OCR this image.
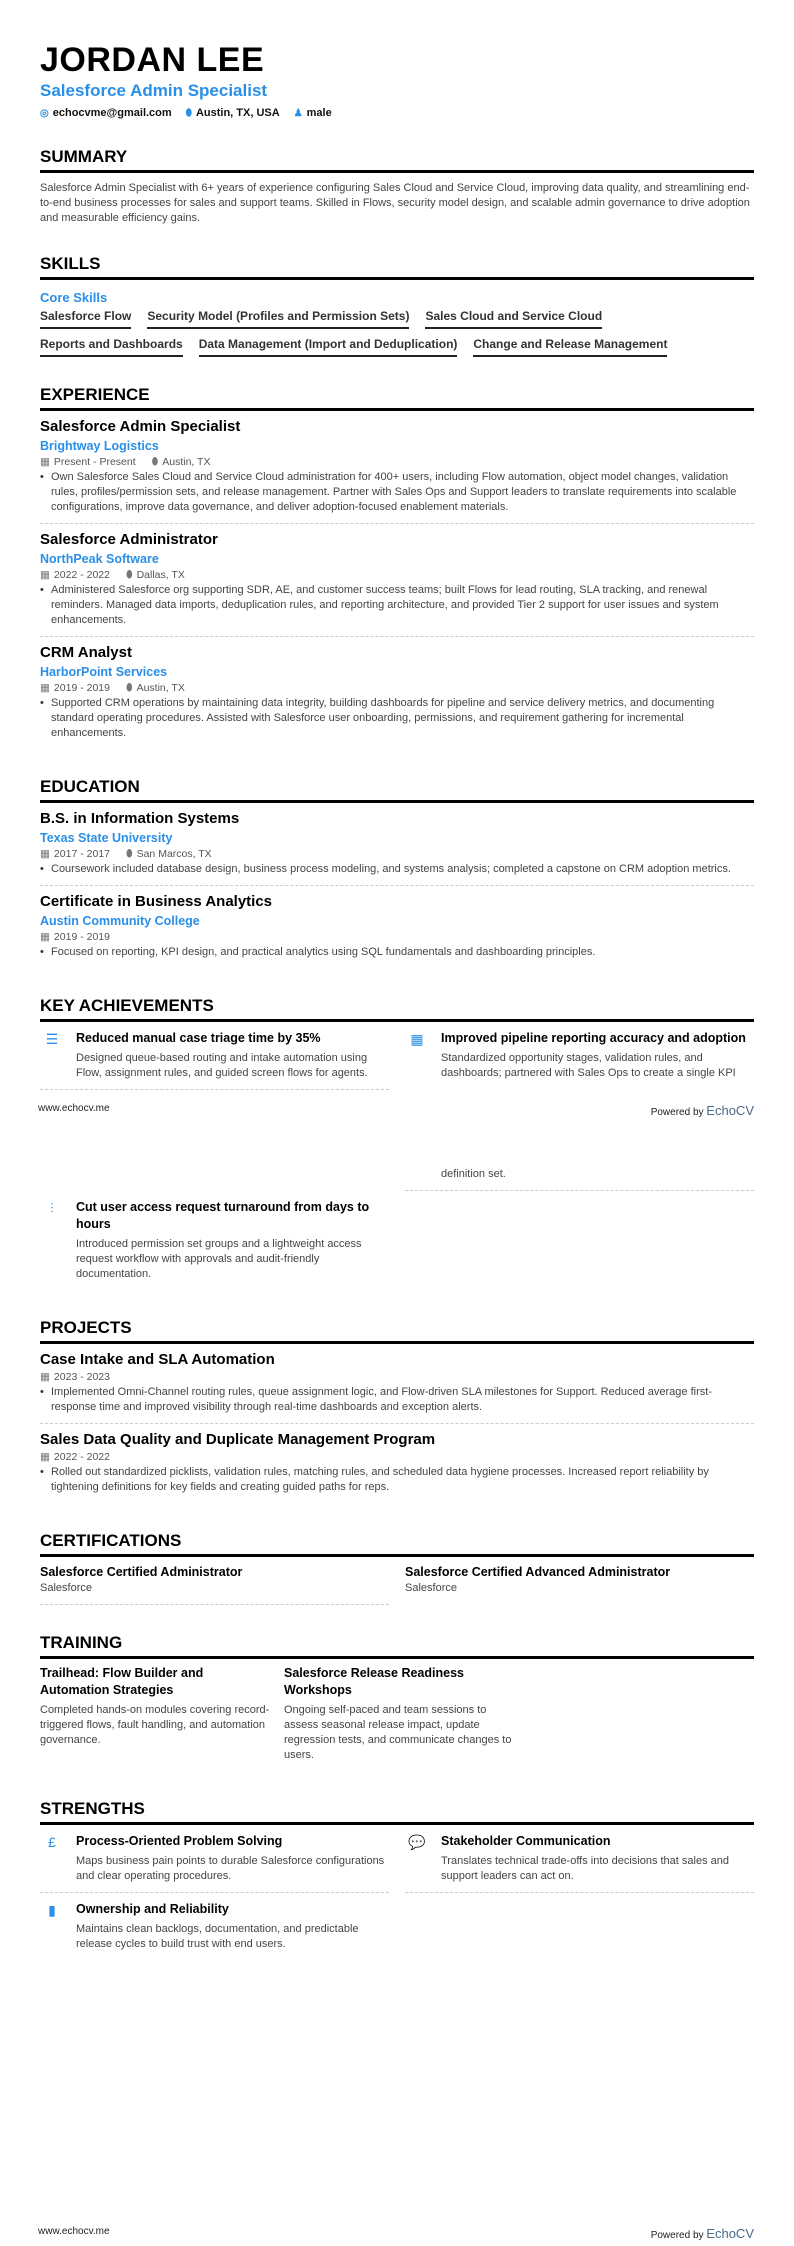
JORDAN LEE
Salesforce Admin Specialist
◎ echocvme@gmail.com ⬮ Austin, TX, USA ♟ male
SUMMARY

Salesforce Admin Specialist with 6+ years of experience configuring Sales Cloud and Service Cloud, improving data quality, and streamlining end-to-end business processes for sales and support teams. Skilled in Flows, security model design, and scalable admin governance to drive adoption and measurable efficiency gains.

SKILLS
Core Skills
Salesforce Flow Security Model (Profiles and Permission Sets) Sales Cloud and Service Cloud
Reports and Dashboards Data Management (Import and Deduplication) Change and Release Management
EXPERIENCE
Salesforce Admin Specialist
Brightway Logistics
▦ Present - Present ⬮ Austin, TX
• Own Salesforce Sales Cloud and Service Cloud administration for 400+ users, including Flow automation, object model changes, validation rules, profiles/permission sets, and release management. Partner with Sales Ops and Support leaders to translate requirements into scalable configurations, improve data governance, and deliver adoption-focused enablement materials.
Salesforce Administrator
NorthPeak Software
▦ 2022 - 2022 ⬮ Dallas, TX
• Administered Salesforce org supporting SDR, AE, and customer success teams; built Flows for lead routing, SLA tracking, and renewal reminders. Managed data imports, deduplication rules, and reporting architecture, and provided Tier 2 support for user issues and system enhancements.
CRM Analyst
HarborPoint Services
▦ 2019 - 2019 ⬮ Austin, TX
• Supported CRM operations by maintaining data integrity, building dashboards for pipeline and service delivery metrics, and documenting standard operating procedures. Assisted with Salesforce user onboarding, permissions, and requirement gathering for incremental enhancements.
EDUCATION
B.S. in Information Systems
Texas State University
▦ 2017 - 2017 ⬮ San Marcos, TX
• Coursework included database design, business process modeling, and systems analysis; completed a capstone on CRM adoption metrics.
Certificate in Business Analytics
Austin Community College
▦ 2019 - 2019
• Focused on reporting, KPI design, and practical analytics using SQL fundamentals and dashboarding principles.
KEY ACHIEVEMENTS
☰	Reduced manual case triage time by 35%
Designed queue-based routing and intake automation using Flow, assignment rules, and guided screen flows for agents.
▦	Improved pipeline reporting accuracy and adoption
Standardized opportunity stages, validation rules, and dashboards; partnered with Sales Ops to create a single KPI
definition set.
⫶	Cut user access request turnaround from days to hours
Introduced permission set groups and a lightweight access request workflow with approvals and audit-friendly documentation.
PROJECTS
Case Intake and SLA Automation
▦ 2023 - 2023
• Implemented Omni-Channel routing rules, queue assignment logic, and Flow-driven SLA milestones for Support. Reduced average first-response time and improved visibility through real-time dashboards and exception alerts.
Sales Data Quality and Duplicate Management Program
▦ 2022 - 2022
• Rolled out standardized picklists, validation rules, matching rules, and scheduled data hygiene processes. Increased report reliability by tightening definitions for key fields and creating guided paths for reps.
CERTIFICATIONS
Salesforce Certified Administrator
Salesforce
Salesforce Certified Advanced Administrator
Salesforce
TRAINING
Trailhead: Flow Builder and Automation Strategies
Completed hands-on modules covering record-triggered flows, fault handling, and automation governance.
Salesforce Release Readiness Workshops
Ongoing self-paced and team sessions to assess seasonal release impact, update regression tests, and communicate changes to users.
STRENGTHS
£	Process-Oriented Problem Solving
Maps business pain points to durable Salesforce configurations and clear operating procedures.
💬 Stakeholder Communication
Translates technical trade-offs into decisions that sales and support leaders can act on.
▮	Ownership and Reliability
Maintains clean backlogs, documentation, and predictable release cycles to build trust with end users.
www.echocv.me	Powered by EchoCV
www.echocv.me	Powered by EchoCV
